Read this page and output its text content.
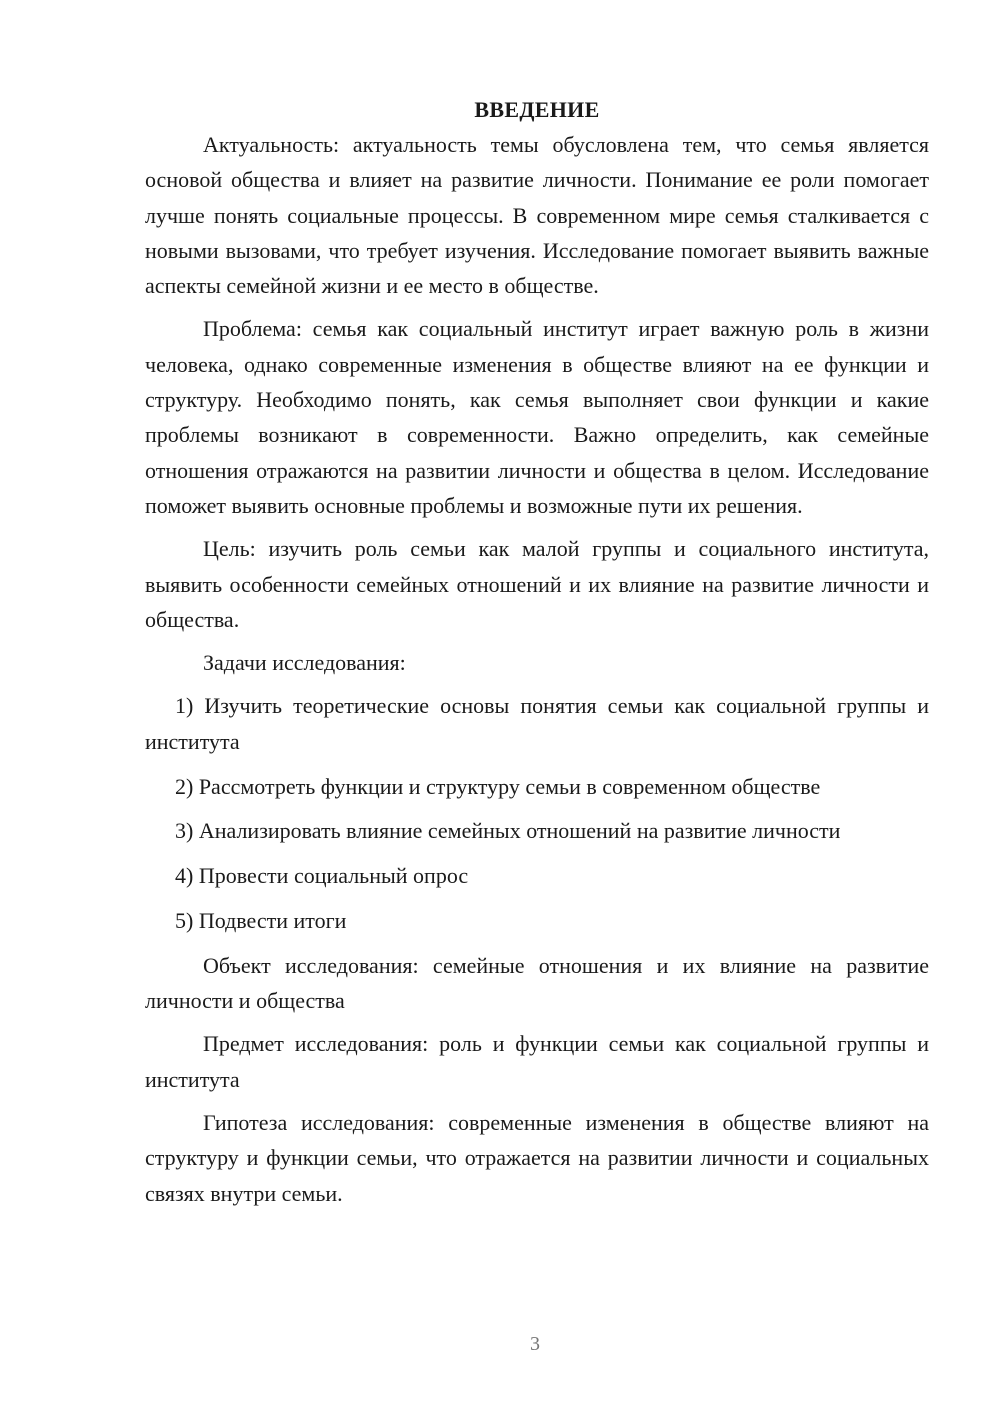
ВВЕДЕНИЕ

Актуальность: актуальность темы обусловлена тем, что семья является основой общества и влияет на развитие личности. Понимание ее роли помогает лучше понять социальные процессы. В современном мире семья сталкивается с новыми вызовами, что требует изучения. Исследование помогает выявить важные аспекты семейной жизни и ее место в обществе.

Проблема: семья как социальный институт играет важную роль в жизни человека, однако современные изменения в обществе влияют на ее функции и структуру. Необходимо понять, как семья выполняет свои функции и какие проблемы возникают в современности. Важно определить, как семейные отношения отражаются на развитии личности и общества в целом. Исследование поможет выявить основные проблемы и возможные пути их решения.

Цель: изучить роль семьи как малой группы и социального института, выявить особенности семейных отношений и их влияние на развитие личности и общества.

Задачи исследования:

1) Изучить теоретические основы понятия семьи как социальной группы и института

2) Рассмотреть функции и структуру семьи в современном обществе

3) Анализировать влияние семейных отношений на развитие личности

4) Провести социальный опрос

5) Подвести итоги

Объект исследования: семейные отношения и их влияние на развитие личности и общества

Предмет исследования: роль и функции семьи как социальной группы и института

Гипотеза исследования: современные изменения в обществе влияют на структуру и функции семьи, что отражается на развитии личности и социальных связях внутри семьи.

3
